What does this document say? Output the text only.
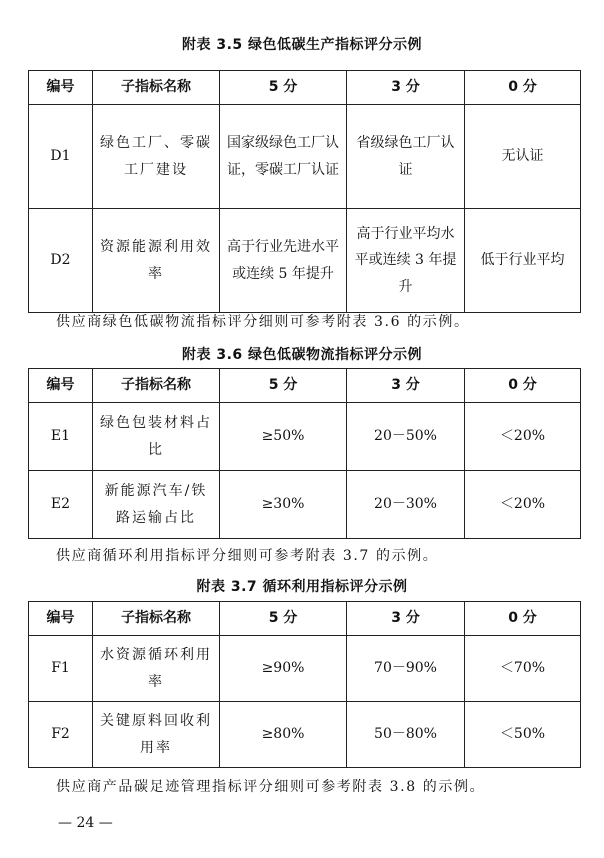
附表 3.5 绿色低碳生产指标评分示例
编号	子指标名称	5 分	3 分	0 分
D1	绿色工厂、零碳工厂建设	国家级绿色工厂认证，零碳工厂认证	省级绿色工厂认证	无认证
D2	资源能源利用效率	高于行业先进水平或连续 5 年提升	高于行业平均水平或连续 3 年提升	低于行业平均
供应商绿色低碳物流指标评分细则可参考附表 3.6 的示例。
附表 3.6 绿色低碳物流指标评分示例
编号	子指标名称	5 分	3 分	0 分
E1	绿色包装材料占比	≥50%	20－50%	＜20%
E2	新能源汽车/铁路运输占比	≥30%	20－30%	＜20%
供应商循环利用指标评分细则可参考附表 3.7 的示例。
附表 3.7 循环利用指标评分示例
编号	子指标名称	5 分	3 分	0 分
F1	水资源循环利用率	≥90%	70－90%	＜70%
F2	关键原料回收利用率	≥80%	50－80%	＜50%
供应商产品碳足迹管理指标评分细则可参考附表 3.8 的示例。
— 24 —
